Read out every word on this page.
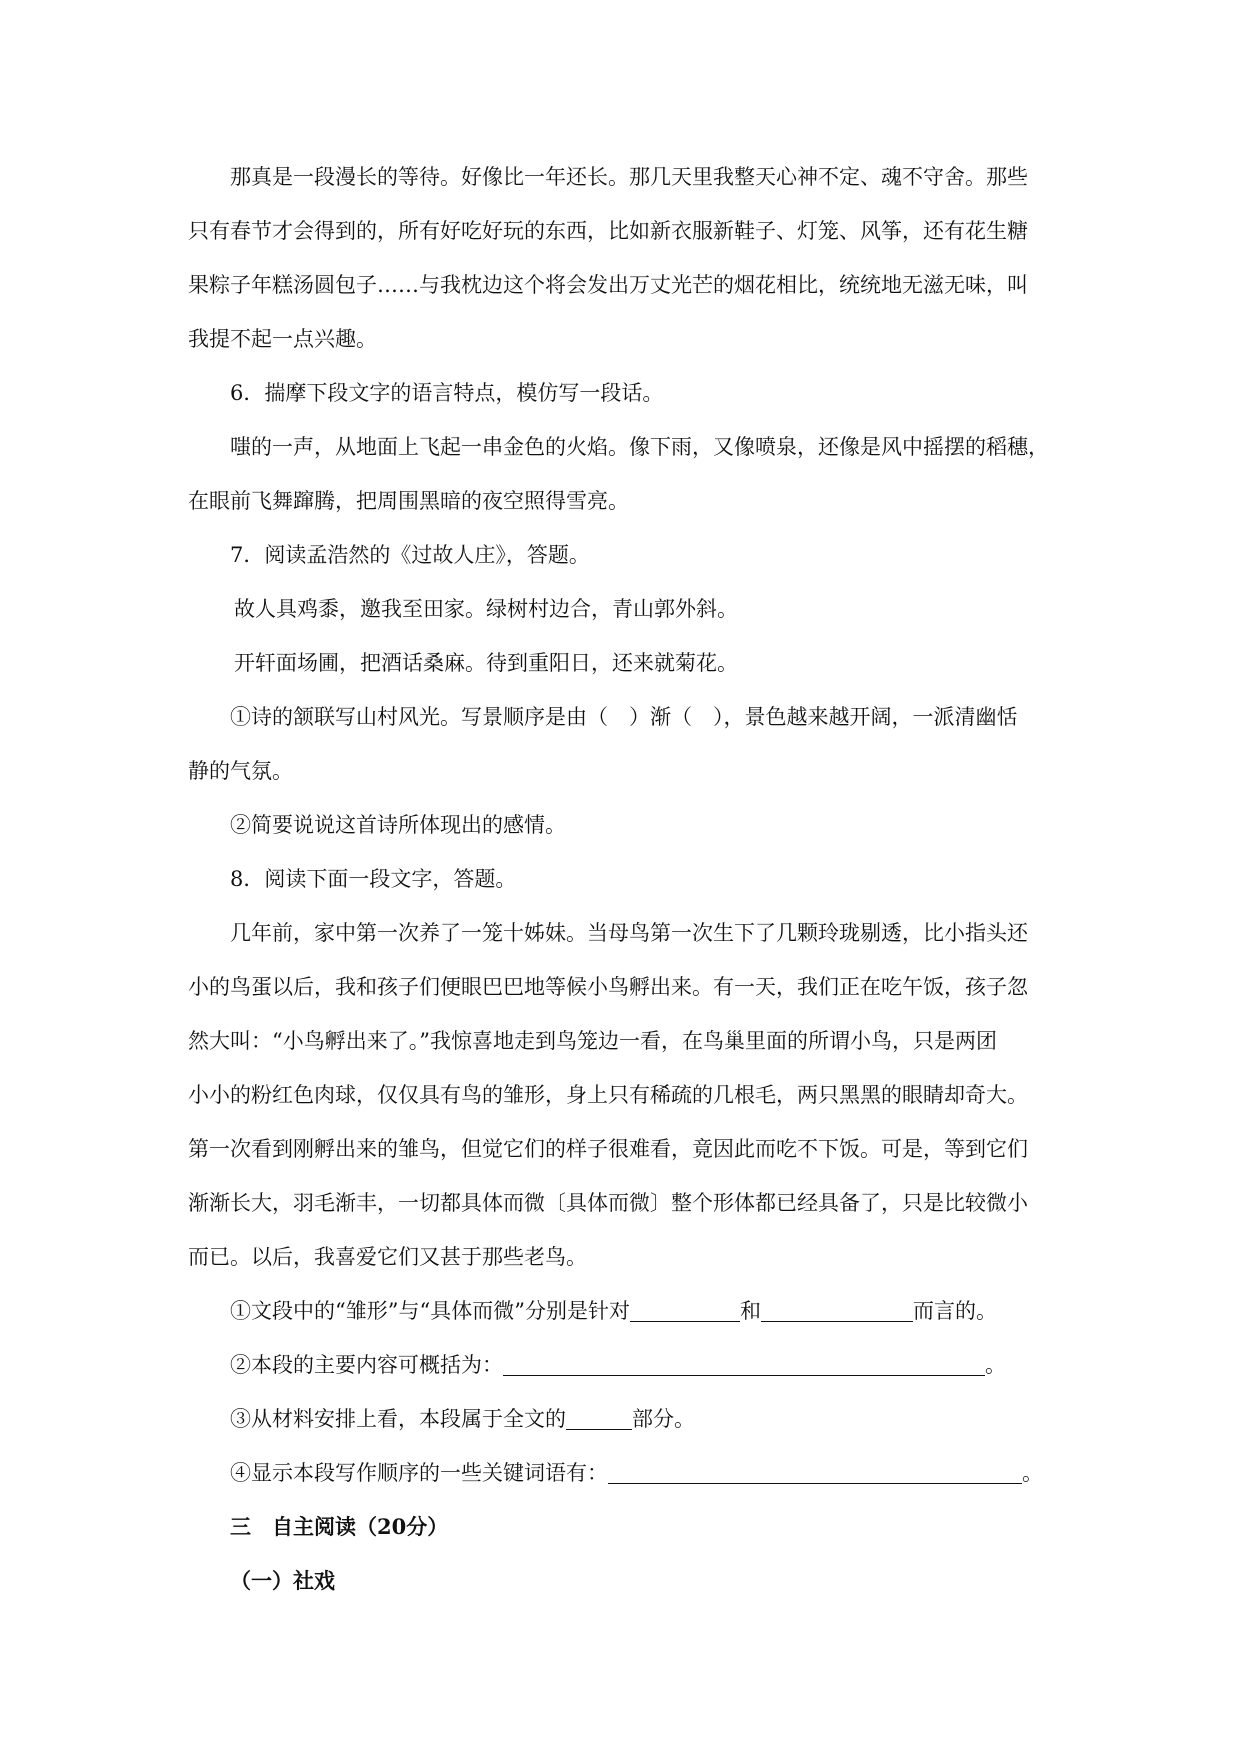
那真是一段漫长的等待。好像比一年还长。那几天里我整天心神不定、魂不守舍。那些
只有春节才会得到的，所有好吃好玩的东西，比如新衣服新鞋子、灯笼、风筝，还有花生糖
果粽子年糕汤圆包子……与我枕边这个将会发出万丈光芒的烟花相比，统统地无滋无味，叫
我提不起一点兴趣。
6．揣摩下段文字的语言特点，模仿写一段话。
嗤的一声，从地面上飞起一串金色的火焰。像下雨，又像喷泉，还像是风中摇摆的稻穗，
在眼前飞舞蹿腾，把周围黑暗的夜空照得雪亮。
7．阅读孟浩然的《过故人庄》，答题。
故人具鸡黍，邀我至田家。绿树村边合，青山郭外斜。
开轩面场圃，把酒话桑麻。待到重阳日，还来就菊花。
①诗的颔联写山村风光。写景顺序是由（　）渐（　），景色越来越开阔，一派清幽恬
静的气氛。
②简要说说这首诗所体现出的感情。
8．阅读下面一段文字，答题。
几年前，家中第一次养了一笼十姊妹。当母鸟第一次生下了几颗玲珑剔透，比小指头还
小的鸟蛋以后，我和孩子们便眼巴巴地等候小鸟孵出来。有一天，我们正在吃午饭，孩子忽
然大叫：“小鸟孵出来了。”我惊喜地走到鸟笼边一看，在鸟巢里面的所谓小鸟，只是两团
小小的粉红色肉球，仅仅具有鸟的雏形，身上只有稀疏的几根毛，两只黑黑的眼睛却奇大。
第一次看到刚孵出来的雏鸟，但觉它们的样子很难看，竟因此而吃不下饭。可是，等到它们
渐渐长大，羽毛渐丰，一切都具体而微〔具体而微〕整个形体都已经具备了，只是比较微小
而已。以后，我喜爱它们又甚于那些老鸟。
①文段中的“雏形”与“具体而微”分别是针对	和	而言的。
②本段的主要内容可概括为：	。
③从材料安排上看，本段属于全文的	部分。
④显示本段写作顺序的一些关键词语有：	。
三　自主阅读（20分）
（一）社戏
